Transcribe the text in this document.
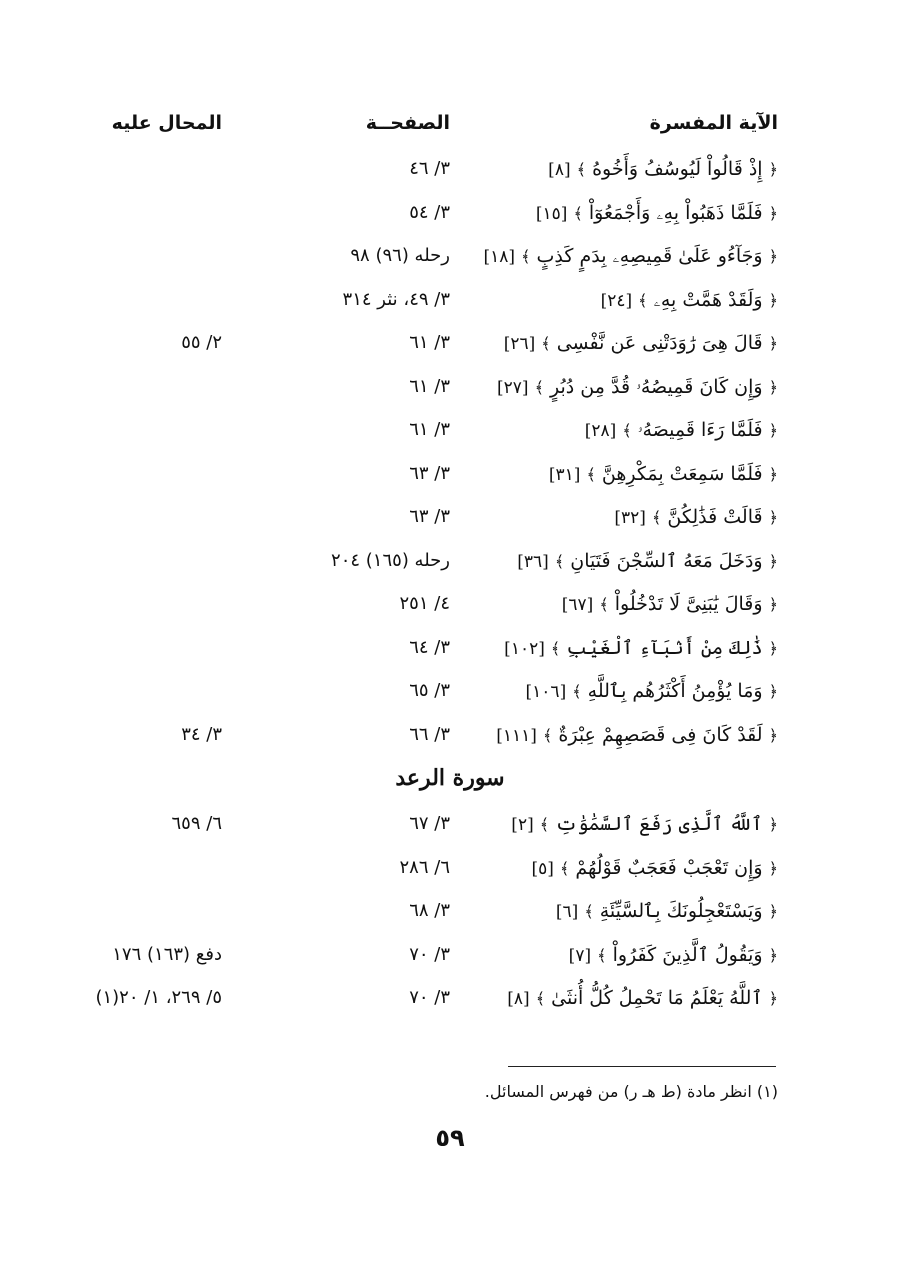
الآية المفسرة
الصفحــة
المحال عليه
﴿ إِذْ قَالُواْ لَيُوسُفُ وَأَخُوهُ ﴾ [٨]
٣/ ٤٦
﴿ فَلَمَّا ذَهَبُواْ بِهِۦ وَأَجْمَعُوٓاْ ﴾ [١٥]
٣/ ٥٤
﴿ وَجَآءُو عَلَىٰ قَمِيصِهِۦ بِدَمٍ كَذِبٍ ﴾ [١٨]
رحله (٩٦) ٩٨
﴿ وَلَقَدْ هَمَّتْ بِهِۦ ﴾ [٢٤]
٣/ ٤٩، نثر ٣١٤
﴿ قَالَ هِىَ رَٰوَدَتْنِى عَن نَّفْسِى ﴾ [٢٦]
٣/ ٦١
٢/ ٥٥
﴿ وَإِن كَانَ قَمِيصُهُۥ قُدَّ مِن دُبُرٍ ﴾ [٢٧]
٣/ ٦١
﴿ فَلَمَّا رَءَا قَمِيصَهُۥ ﴾ [٢٨]
٣/ ٦١
﴿ فَلَمَّا سَمِعَتْ بِمَكْرِهِنَّ ﴾ [٣١]
٣/ ٦٣
﴿ قَالَتْ فَذَٰلِكُنَّ ﴾ [٣٢]
٣/ ٦٣
﴿ وَدَخَلَ مَعَهُ ٱلسِّجْنَ فَتَيَانِ ﴾ [٣٦]
رحله (١٦٥) ٢٠٤
﴿ وَقَالَ يَٰبَنِىَّ لَا تَدْخُلُواْ ﴾ [٦٧]
٤/ ٢٥١
﴿ ذَٰلِكَ مِنْ أَنۢبَآءِ ٱلْغَيْبِ ﴾ [١٠٢]
٣/ ٦٤
﴿ وَمَا يُؤْمِنُ أَكْثَرُهُم بِٱللَّهِ ﴾ [١٠٦]
٣/ ٦٥
﴿ لَقَدْ كَانَ فِى قَصَصِهِمْ عِبْرَةٌ ﴾ [١١١]
٣/ ٦٦
٣/ ٣٤
سورة الرعد
﴿ ٱللَّهُ ٱلَّذِى رَفَعَ ٱلسَّمَٰوَٰتِ ﴾ [٢]
٣/ ٦٧
٦/ ٦٥٩
﴿ وَإِن تَعْجَبْ فَعَجَبٌ قَوْلُهُمْ ﴾ [٥]
٦/ ٢٨٦
﴿ وَيَسْتَعْجِلُونَكَ بِٱلسَّيِّئَةِ ﴾ [٦]
٣/ ٦٨
﴿ وَيَقُولُ ٱلَّذِينَ كَفَرُواْ ﴾ [٧]
٣/ ٧٠
دفع (١٦٣) ١٧٦
﴿ ٱللَّهُ يَعْلَمُ مَا تَحْمِلُ كُلُّ أُنثَىٰ ﴾ [٨]
٣/ ٧٠
٥/ ٢٦٩، ١/ ٢٠(١)
(١) انظر مادة (ط هـ ر) من فهرس المسائل.
٥٩
